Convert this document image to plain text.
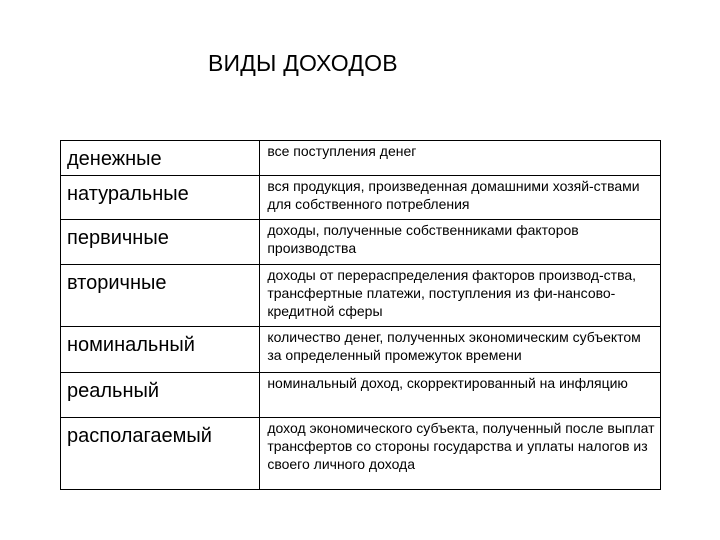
ВИДЫ ДОХОДОВ
денежные	все поступления денег
натуральные	вся продукция, произведенная домашними хозяй-ствами для собственного потребления
первичные	доходы, полученные собственниками факторов производства
вторичные	доходы от перераспределения факторов производ-ства, трансфертные платежи, поступления из фи-нансово-кредитной сферы
номинальный	количество денег, полученных экономическим субъектом за определенный промежуток времени
реальный	номинальный доход, скорректированный на инфляцию
располагаемый	доход экономического субъекта, полученный после выплат трансфертов со стороны государства и уплаты налогов из своего личного дохода
